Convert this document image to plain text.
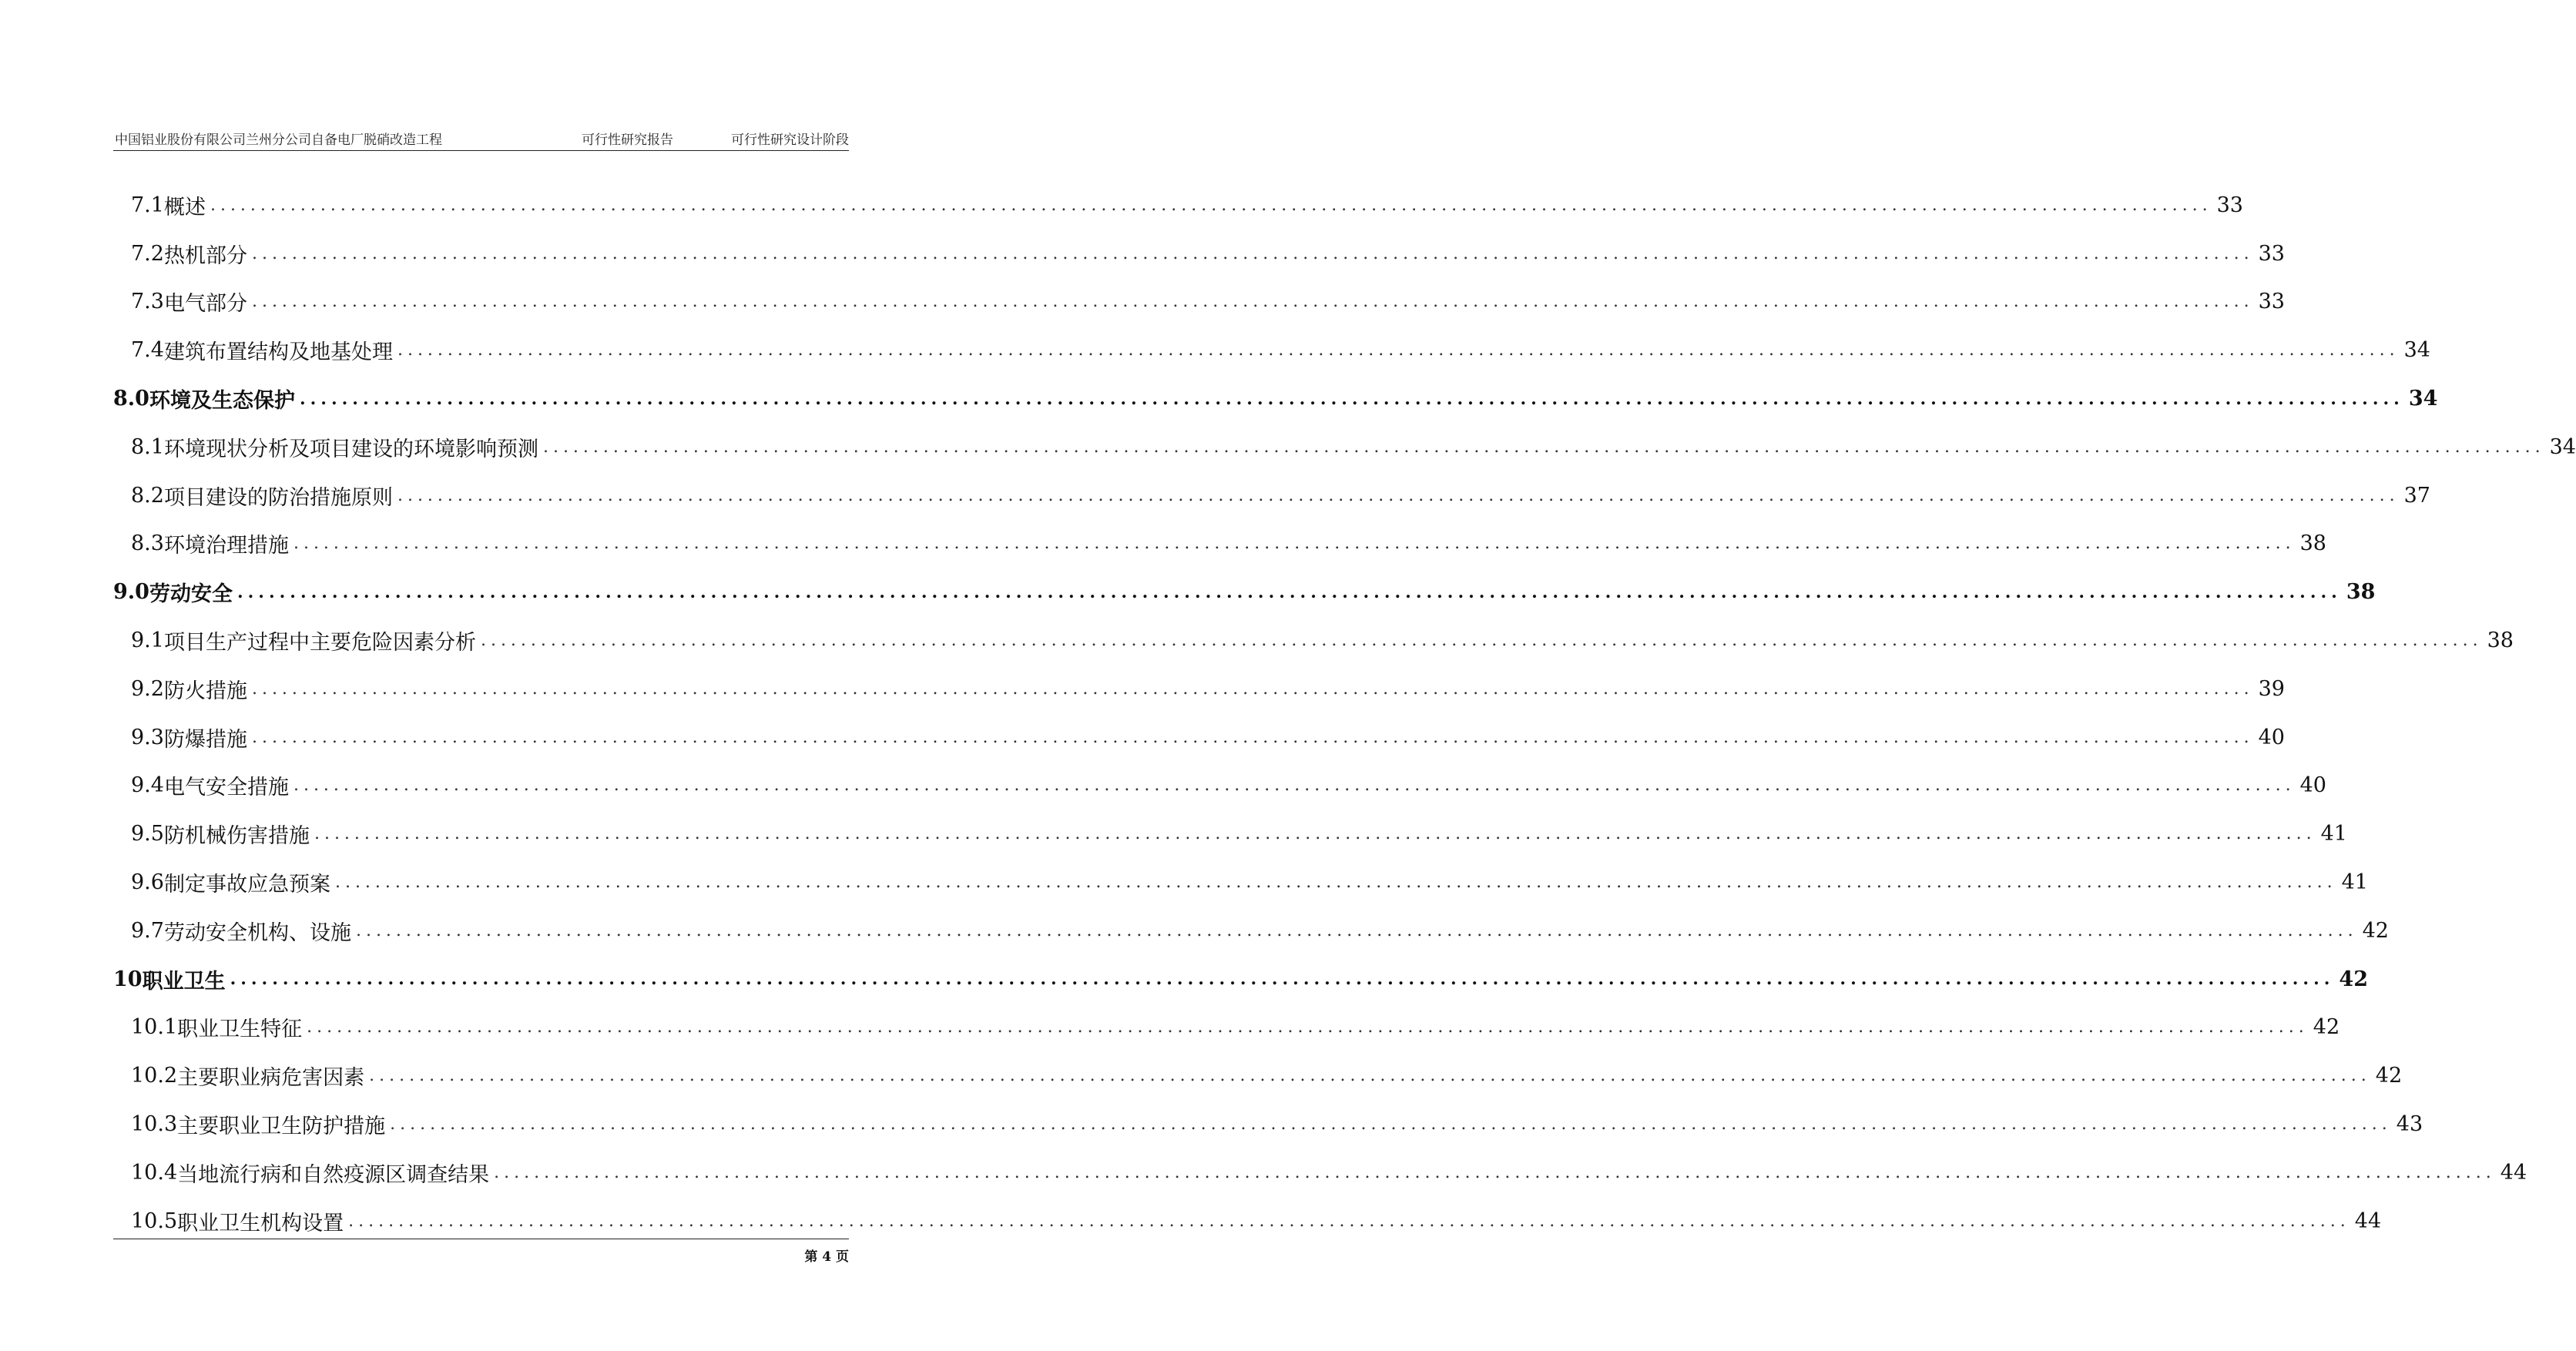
中国铝业股份有限公司兰州分公司自备电厂脱硝改造工程	可行性研究报告	可行性研究设计阶段
7.1 概述 ........................................................................................................................................................................................................ 33
7.2 热机部分 ........................................................................................................................................................................................................ 33
7.3 电气部分 ........................................................................................................................................................................................................ 33
7.4 建筑布置结构及地基处理 ........................................................................................................................................................................................................ 34
8.0 环境及生态保护 ........................................................................................................................................................................................................ 34
8.1 环境现状分析及项目建设的环境影响预测 ........................................................................................................................................................................................................ 34
8.2 项目建设的防治措施原则 ........................................................................................................................................................................................................ 37
8.3 环境治理措施 ........................................................................................................................................................................................................ 38
9.0 劳动安全 ........................................................................................................................................................................................................ 38
9.1 项目生产过程中主要危险因素分析 ........................................................................................................................................................................................................ 38
9.2 防火措施 ........................................................................................................................................................................................................ 39
9.3 防爆措施 ........................................................................................................................................................................................................ 40
9.4 电气安全措施 ........................................................................................................................................................................................................ 40
9.5 防机械伤害措施 ........................................................................................................................................................................................................ 41
9.6 制定事故应急预案 ........................................................................................................................................................................................................ 41
9.7 劳动安全机构、设施 ........................................................................................................................................................................................................ 42
10 职业卫生 ........................................................................................................................................................................................................ 42
10.1 职业卫生特征 ........................................................................................................................................................................................................ 42
10.2 主要职业病危害因素 ........................................................................................................................................................................................................ 42
10.3 主要职业卫生防护措施 ........................................................................................................................................................................................................ 43
10.4 当地流行病和自然疫源区调查结果 ........................................................................................................................................................................................................ 44
10.5 职业卫生机构设置 ........................................................................................................................................................................................................ 44
第 4 页
